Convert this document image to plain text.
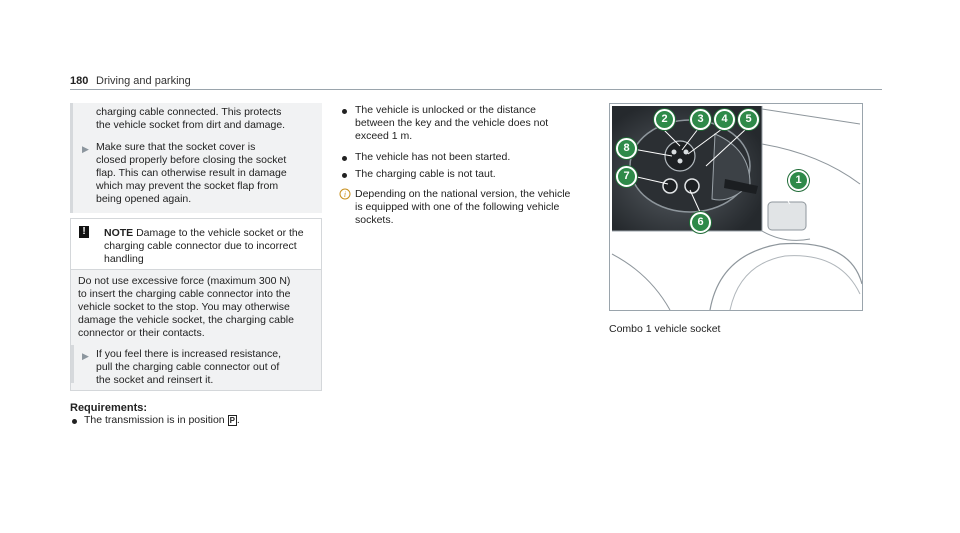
180 Driving and parking

charging cable connected. This protects

the vehicle socket from dirt and damage.

▶ Make sure that the socket cover is

closed properly before closing the socket

flap. This can otherwise result in damage

which may prevent the socket flap from

being opened again.

!	NOTE Damage to the vehicle socket or the

charging cable connector due to incorrect

handling

Do not use excessive force (maximum 300 N)

to insert the charging cable connector into the

vehicle socket to the stop. You may otherwise

damage the vehicle socket, the charging cable

connector or their contacts.

▶ If you feel there is increased resistance,

pull the charging cable connector out of

the socket and reinsert it.

Requirements:

The transmission is in position P .

The vehicle is unlocked or the distance

between the key and the vehicle does not

exceed 1 m.

The vehicle has not been started.

The charging cable is not taut.

i Depending on the national version, the vehicle

is equipped with one of the following vehicle

sockets.

1
2	3	4	5
6
7
8

Combo 1 vehicle socket
